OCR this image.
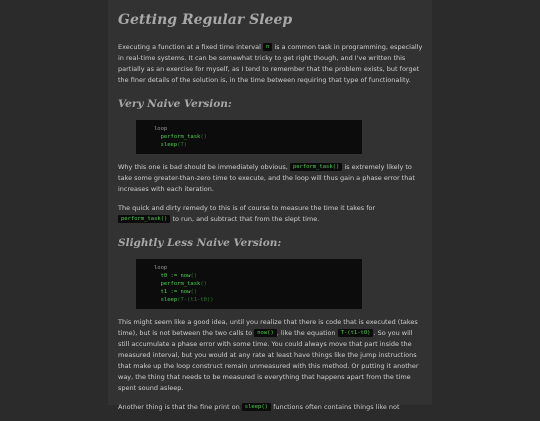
Getting Regular Sleep

Executing a function at a fixed time interval n is a common task in programming, especially in real-time systems. It can be somewhat tricky to get right though, and I've written this partially as an exercise for myself, as I tend to remember that the problem exists, but forget the finer details of the solution is, in the time between requiring that type of functionality.

Very Naive Version:
loop
perform_task()
sleep(T)

Why this one is bad should be immediately obvious, perform_task() is extremely likely to take some greater-than-zero time to execute, and the loop will thus gain a phase error that increases with each iteration.

The quick and dirty remedy to this is of course to measure the time it takes for perform_task() to run, and subtract that from the slept time.

Slightly Less Naive Version:
loop
t0 := now()
perform_task()
t1 := now()
sleep(T-(t1-t0))

This might seem like a good idea, until you realize that there is code that is executed (takes time), but is not between the two calls to now() , like the equation T-(t1-t0) . So you will still accumulate a phase error with some time. You could always move that part inside the measured interval, but you would at any rate at least have things like the jump instructions that make up the loop construct remain unmeasured with this method. Or putting it another way, the thing that needs to be measured is everything that happens apart from the time spent sound asleep.

Another thing is that the fine print on sleep() functions often contains things like not
